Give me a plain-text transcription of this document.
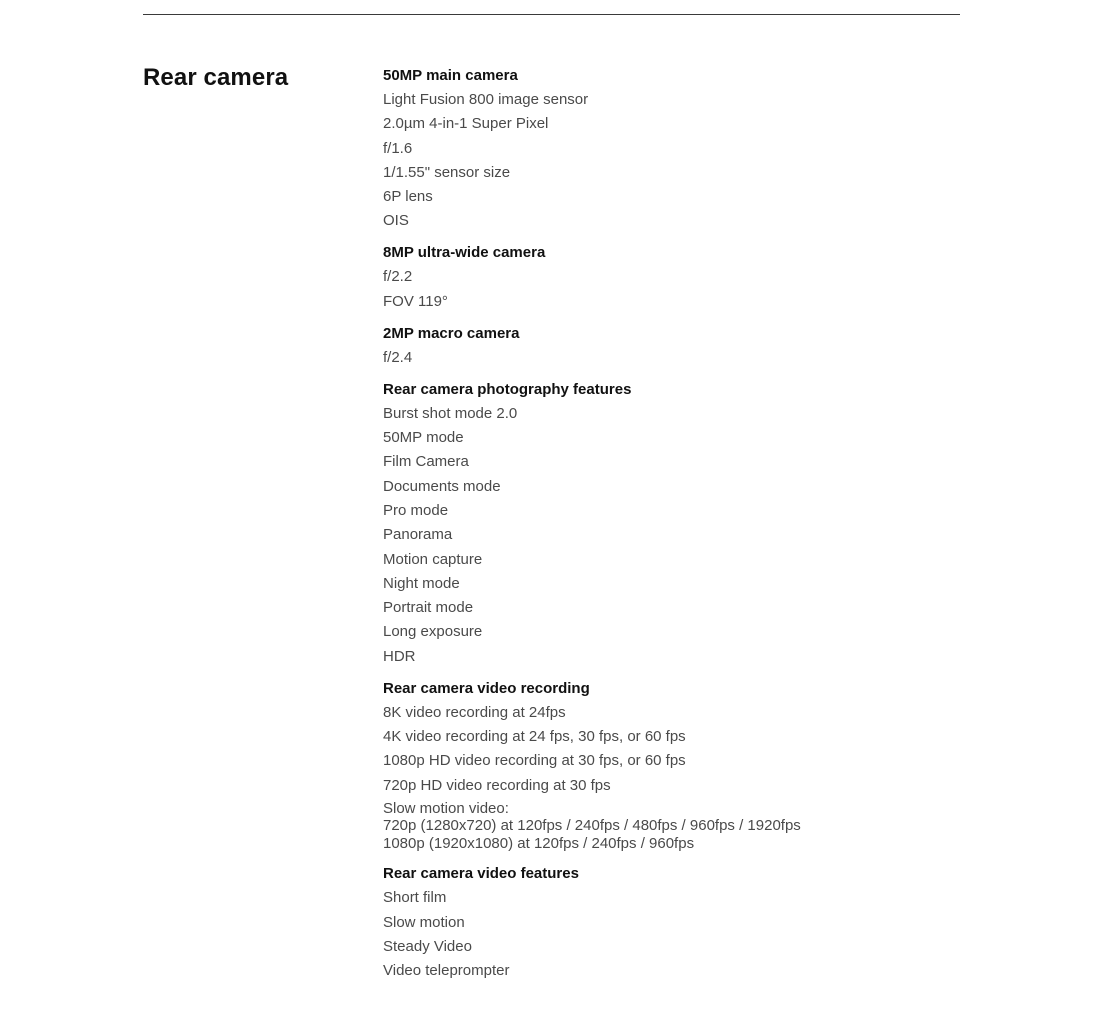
Rear camera	50MP main camera
Light Fusion 800 image sensor
2.0µm 4-in-1 Super Pixel
f/1.6
1/1.55" sensor size
6P lens
OIS
8MP ultra-wide camera
f/2.2
FOV 119°
2MP macro camera
f/2.4
Rear camera photography features
Burst shot mode 2.0
50MP mode
Film Camera
Documents mode
Pro mode
Panorama
Motion capture
Night mode
Portrait mode
Long exposure
HDR
Rear camera video recording
8K video recording at 24fps
4K video recording at 24 fps, 30 fps, or 60 fps
1080p HD video recording at 30 fps, or 60 fps
720p HD video recording at 30 fps
Slow motion video:
720p (1280x720) at 120fps / 240fps / 480fps / 960fps / 1920fps
1080p (1920x1080) at 120fps / 240fps / 960fps
Rear camera video features
Short film
Slow motion
Steady Video
Video teleprompter
